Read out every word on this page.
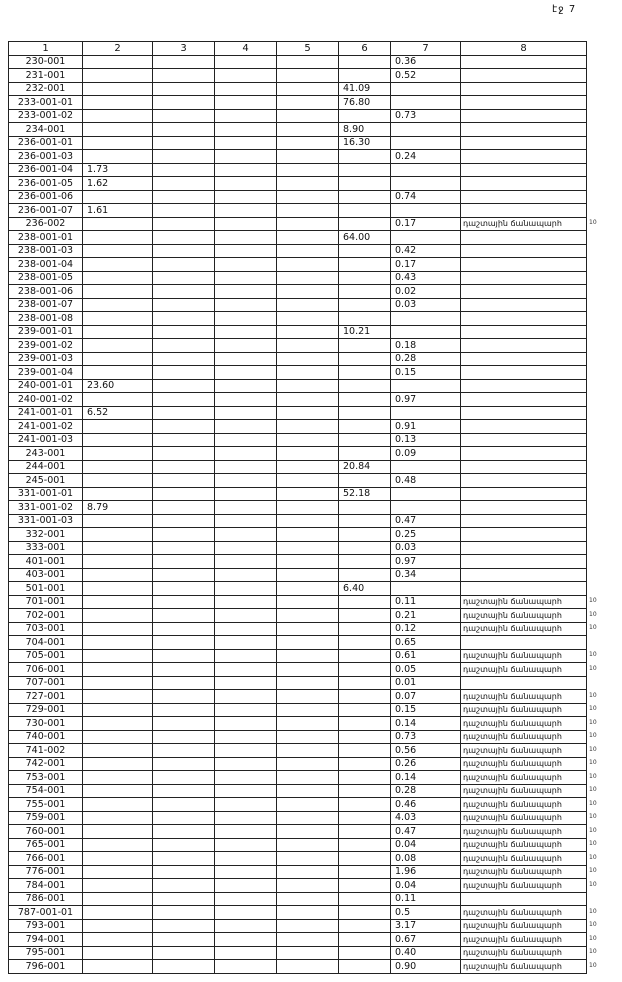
էջ 7
1	2	3	4	5	6	7	8
230-001						0.36	
231-001						0.52	
232-001					41.09		
233-001-01					76.80		
233-001-02						0.73	
234-001					8.90		
236-001-01					16.30		
236-001-03						0.24	
236-001-04	1.73						
236-001-05	1.62						
236-001-06						0.74	
236-001-07	1.61						
236-002						0.17	դաշտային ճանապարհ
238-001-01					64.00		
238-001-03						0.42	
238-001-04						0.17	
238-001-05						0.43	
238-001-06						0.02	
238-001-07						0.03	
238-001-08							
239-001-01					10.21		
239-001-02						0.18	
239-001-03						0.28	
239-001-04						0.15	
240-001-01	23.60						
240-001-02						0.97	
241-001-01	6.52						
241-001-02						0.91	
241-001-03						0.13	
243-001						0.09	
244-001					20.84		
245-001						0.48	
331-001-01					52.18		
331-001-02	8.79						
331-001-03						0.47	
332-001						0.25	
333-001						0.03	
401-001						0.97	
403-001						0.34	
501-001					6.40		
701-001						0.11	դաշտային ճանապարհ
702-001						0.21	դաշտային ճանապարհ
703-001						0.12	դաշտային ճանապարհ
704-001						0.65	
705-001						0.61	դաշտային ճանապարհ
706-001						0.05	դաշտային ճանապարհ
707-001						0.01	
727-001						0.07	դաշտային ճանապարհ
729-001						0.15	դաշտային ճանապարհ
730-001						0.14	դաշտային ճանապարհ
740-001						0.73	դաշտային ճանապարհ
741-002						0.56	դաշտային ճանապարհ
742-001						0.26	դաշտային ճանապարհ
753-001						0.14	դաշտային ճանապարհ
754-001						0.28	դաշտային ճանապարհ
755-001						0.46	դաշտային ճանապարհ
759-001						4.03	դաշտային ճանապարհ
760-001						0.47	դաշտային ճանապարհ
765-001						0.04	դաշտային ճանապարհ
766-001						0.08	դաշտային ճանապարհ
776-001						1.96	դաշտային ճանապարհ
784-001						0.04	դաշտային ճանապարհ
786-001						0.11	
787-001-01						0.5	դաշտային ճանապարհ
793-001						3.17	դաշտային ճանապարհ
794-001						0.67	դաշտային ճանապարհ
795-001						0.40	դաշտային ճանապարհ
796-001						0.90	դաշտային ճանապարհ
10
10
10
10
10
10
10
10
10
10
10
10
10
10
10
10
10
10
10
10
10
10
10
10
10
10
